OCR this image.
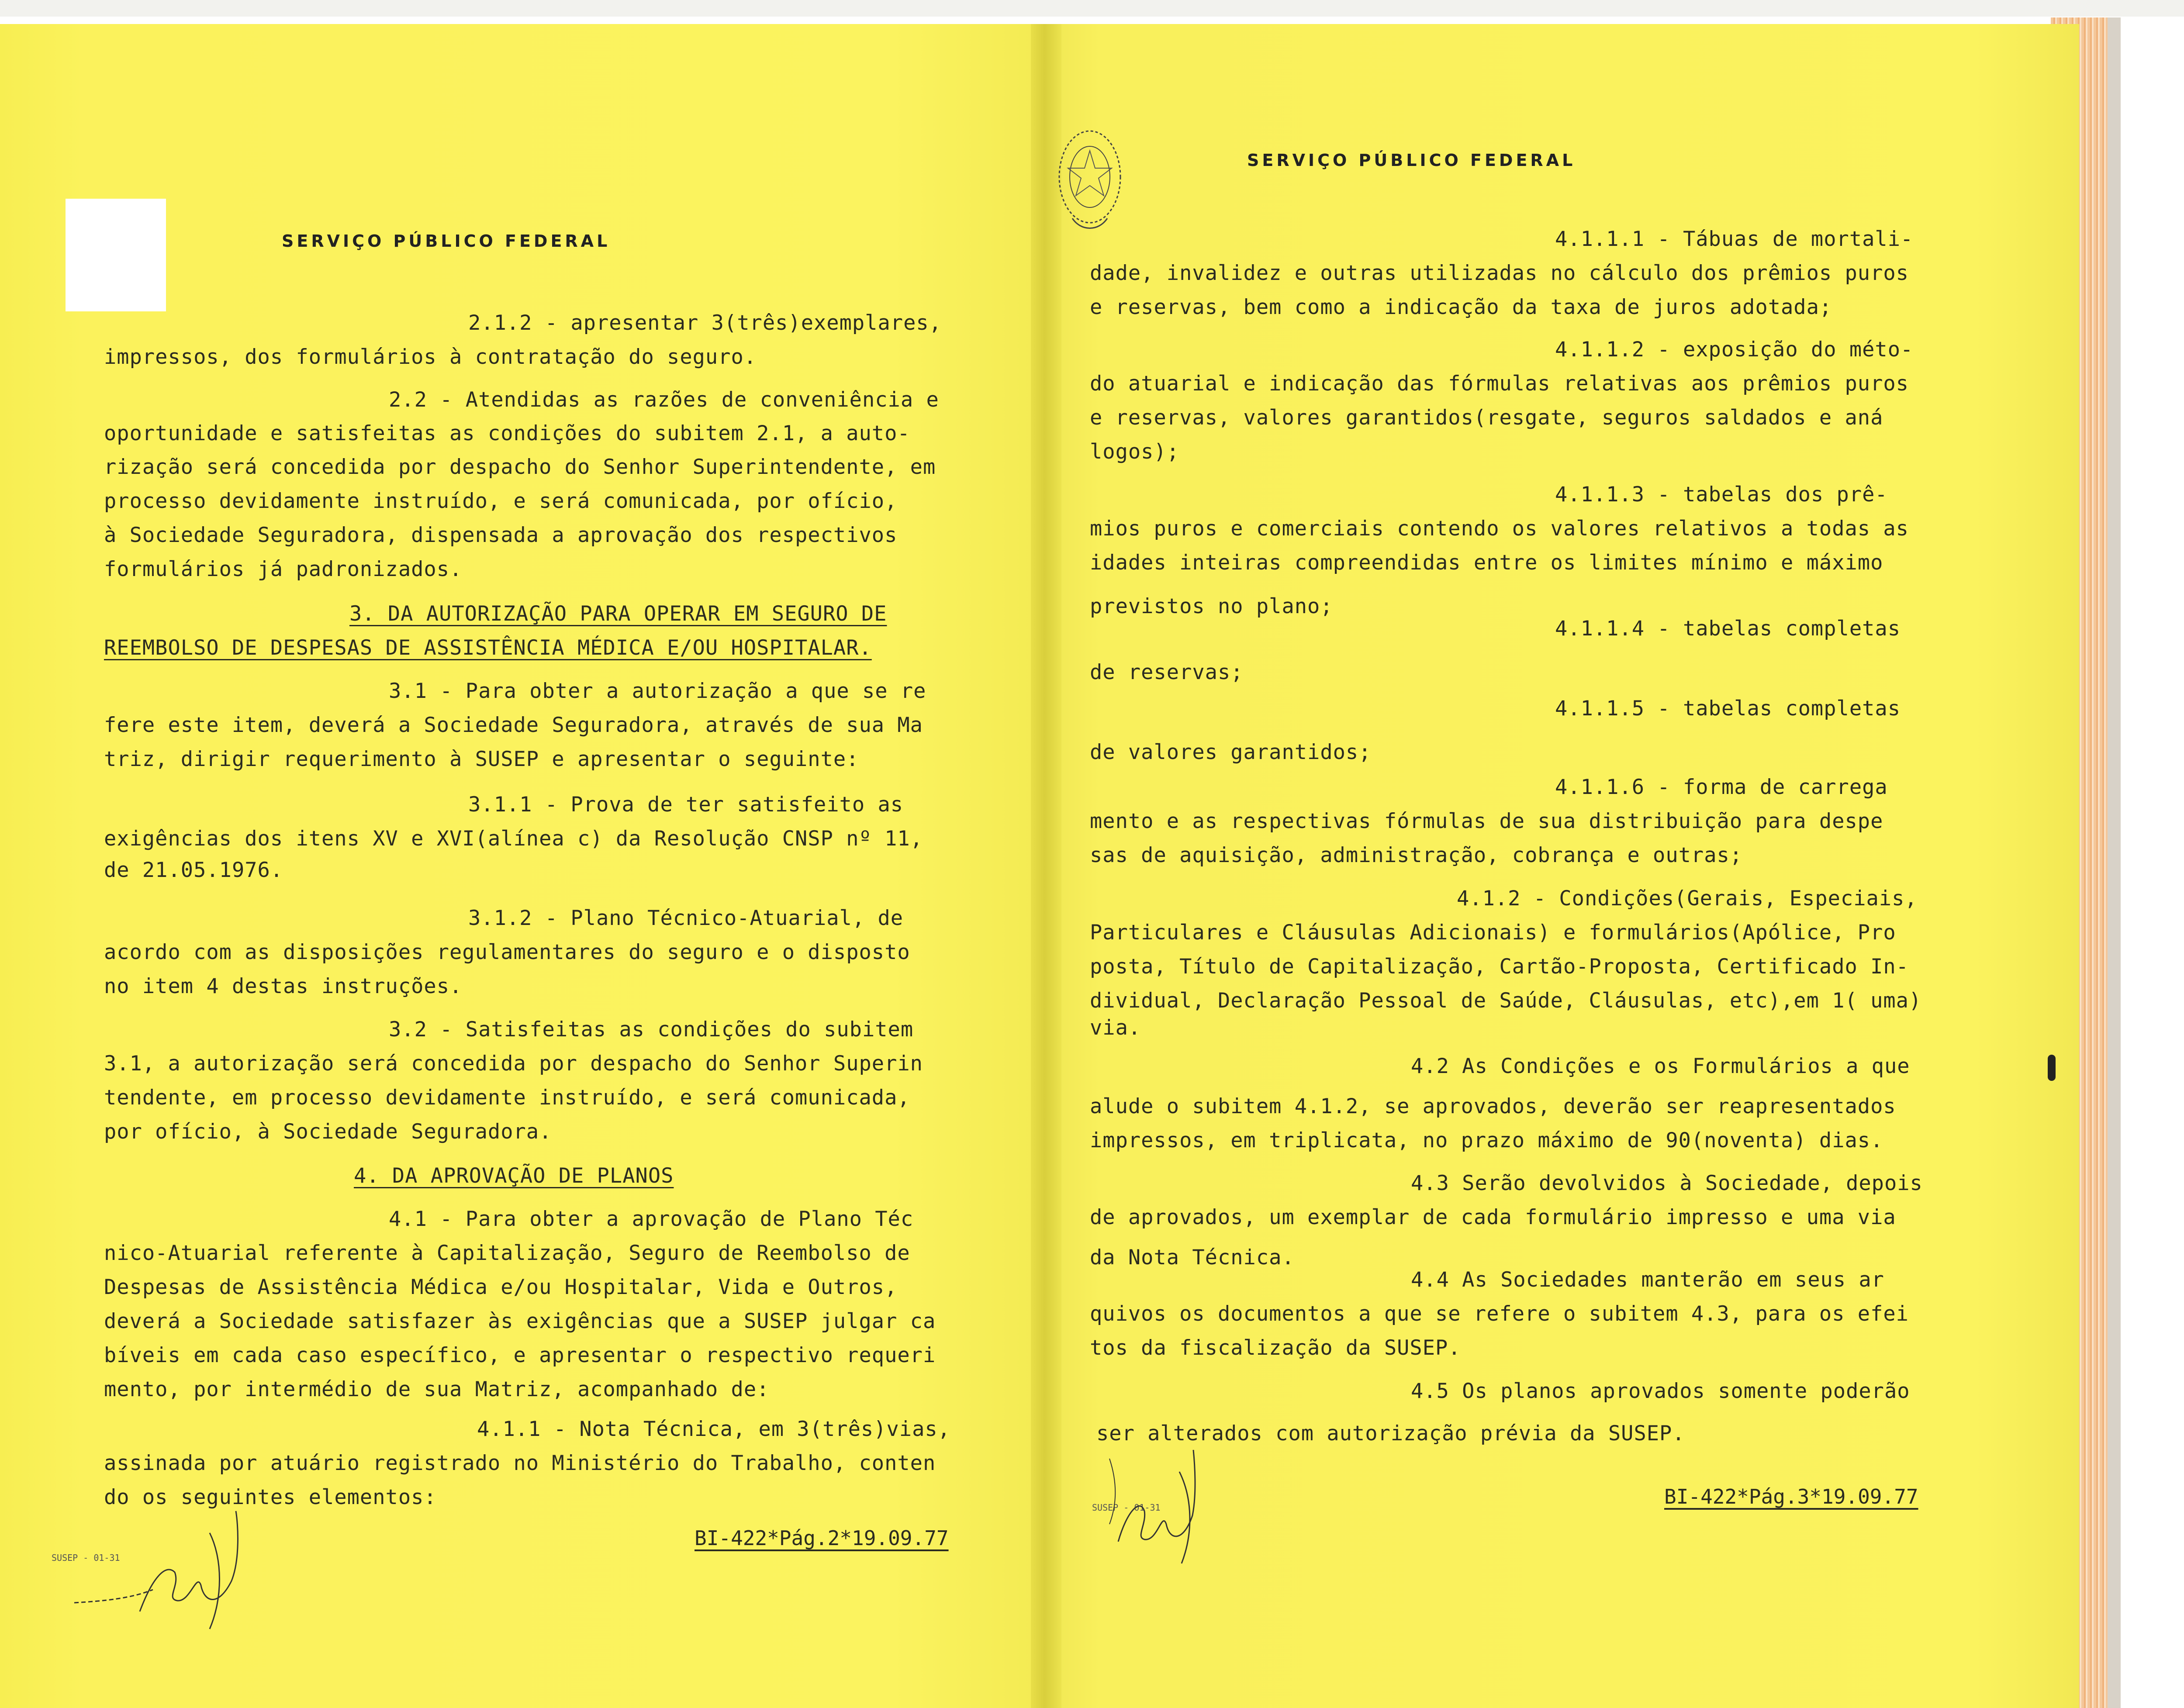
SERVIÇO PÚBLICO FEDERAL
2.1.2 - apresentar 3(três)exemplares,
impressos, dos formulários à contratação do seguro.
2.2 - Atendidas as razões de conveniência e
oportunidade e satisfeitas as condições do subitem 2.1, a auto-
rização será concedida por despacho do Senhor Superintendente, em
processo devidamente instruído, e será comunicada, por ofício,
à Sociedade Seguradora, dispensada a aprovação dos respectivos
formulários já padronizados.
3. DA AUTORIZAÇÃO PARA OPERAR EM SEGURO DE
REEMBOLSO DE DESPESAS DE ASSISTÊNCIA MÉDICA E/OU HOSPITALAR.
3.1 - Para obter a autorização a que se re
fere este item, deverá a Sociedade Seguradora, através de sua Ma
triz, dirigir requerimento à SUSEP e apresentar o seguinte:
3.1.1 - Prova de ter satisfeito as
exigências dos itens XV e XVI(alínea c) da Resolução CNSP nº 11,
de 21.05.1976.
3.1.2 - Plano Técnico-Atuarial, de
acordo com as disposições regulamentares do seguro e o disposto
no item 4 destas instruções.
3.2 - Satisfeitas as condições do subitem
3.1, a autorização será concedida por despacho do Senhor Superin
tendente, em processo devidamente instruído, e será comunicada,
por ofício, à Sociedade Seguradora.
4. DA APROVAÇÃO DE PLANOS
4.1 - Para obter a aprovação de Plano Téc
nico-Atuarial referente à Capitalização, Seguro de Reembolso de
Despesas de Assistência Médica e/ou Hospitalar, Vida e Outros,
deverá a Sociedade satisfazer às exigências que a SUSEP julgar ca
bíveis em cada caso específico, e apresentar o respectivo requeri
mento, por intermédio de sua Matriz, acompanhado de:
4.1.1 - Nota Técnica, em 3(três)vias,
assinada por atuário registrado no Ministério do Trabalho, conten
do os seguintes elementos:
BI-422*Pág.2*19.09.77
SUSEP - 01-31
SERVIÇO PÚBLICO FEDERAL
4.1.1.1 - Tábuas de mortali-
dade, invalidez e outras utilizadas no cálculo dos prêmios puros
e reservas, bem como a indicação da taxa de juros adotada;
4.1.1.2 - exposição do méto-
do atuarial e indicação das fórmulas relativas aos prêmios puros
e reservas, valores garantidos(resgate, seguros saldados e aná
logos);
4.1.1.3 - tabelas dos prê-
mios puros e comerciais contendo os valores relativos a todas as
idades inteiras compreendidas entre os limites mínimo e máximo
previstos no plano;
4.1.1.4 - tabelas completas
de reservas;
4.1.1.5 - tabelas completas
de valores garantidos;
4.1.1.6 - forma de carrega
mento e as respectivas fórmulas de sua distribuição para despe
sas de aquisição, administração, cobrança e outras;
4.1.2 - Condições(Gerais, Especiais,
Particulares e Cláusulas Adicionais) e formulários(Apólice, Pro
posta, Título de Capitalização, Cartão-Proposta, Certificado In-
dividual, Declaração Pessoal de Saúde, Cláusulas, etc),em 1( uma)
via.
4.2 As Condições e os Formulários a que
alude o subitem 4.1.2, se aprovados, deverão ser reapresentados
impressos, em triplicata, no prazo máximo de 90(noventa) dias.
4.3 Serão devolvidos à Sociedade, depois
de aprovados, um exemplar de cada formulário impresso e uma via
da Nota Técnica.
4.4 As Sociedades manterão em seus ar
quivos os documentos a que se refere o subitem 4.3, para os efei
tos da fiscalização da SUSEP.
4.5 Os planos aprovados somente poderão
ser alterados com autorização prévia da SUSEP.
BI-422*Pág.3*19.09.77
SUSEP - 01-31
